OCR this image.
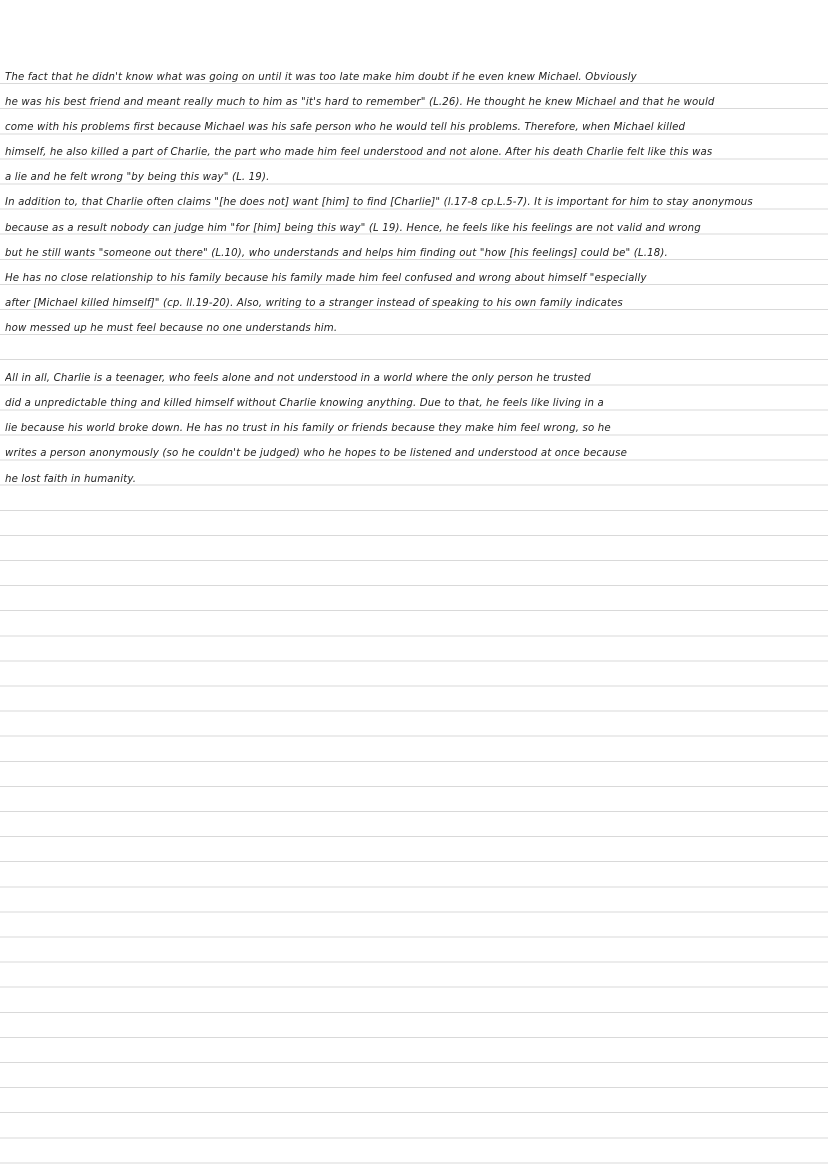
The fact that he didn't know what was going on until it was too late make him doubt if he even knew Michael. Obviously
he was his best friend and meant really much to him as "it's hard to remember" (L.26). He thought he knew Michael and that he would
come with his problems first because Michael was his safe person who he would tell his problems. Therefore, when Michael killed
himself, he also killed a part of Charlie, the part who made him feel understood and not alone. After his death Charlie felt like this was
a lie and he felt wrong "by being this way" (L. 19).
In addition to, that Charlie often claims "[he does not] want [him] to find [Charlie]" (l.17-8 cp.L.5-7). It is important for him to stay anonymous
because as a result nobody can judge him "for [him] being this way" (L 19). Hence, he feels like his feelings are not valid and wrong
but he still wants "someone out there" (L.10), who understands and helps him finding out "how [his feelings] could be" (L.18).
He has no close relationship to his family because his family made him feel confused and wrong about himself "especially
after [Michael killed himself]" (cp. ll.19-20). Also, writing to a stranger instead of speaking to his own family indicates
how messed up he must feel because no one understands him.
All in all, Charlie is a teenager, who feels alone and not understood in a world where the only person he trusted
did a unpredictable thing and killed himself without Charlie knowing anything. Due to that, he feels like living in a
lie because his world broke down. He has no trust in his family or friends because they make him feel wrong, so he
writes a person anonymously (so he couldn't be judged) who he hopes to be listened and understood at once because
he lost faith in humanity.
